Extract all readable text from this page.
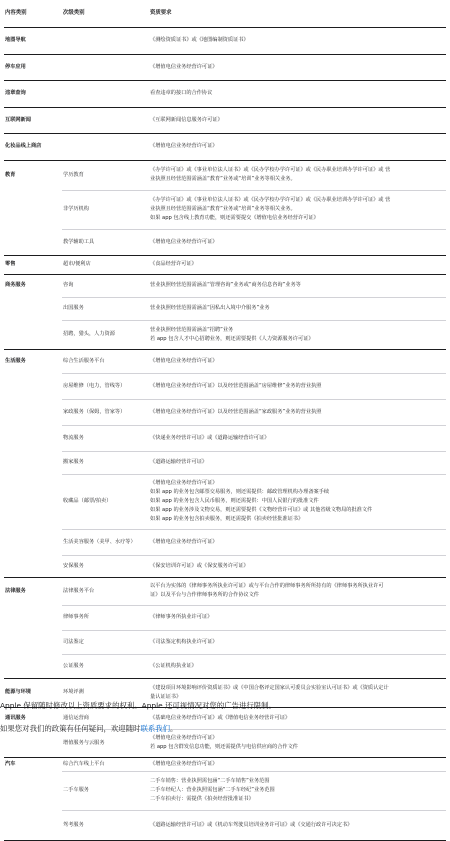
内容类别	次级类别	资质要求
地图导航		《测绘资质证书》或《地图编制资质证书》

停车应用		《增值电信业务经营许可证》

违章查询		看查违章的接口的合作协议

互联网新闻		《互联网新闻信息服务许可证》

化妆品线上商店		《增值电信业务经营许可证》

教育	学历教育	《办学许可证》或《事业单位法人证书》或《民办学校办学许可证》或《民办职业培训办学许可证》或 营
业执照且经营范围需涵盖“教育”业务或“培训”业务等相关业务。

	非学历机构	《办学许可证》或《事业单位法人证书》或《民办学校办学许可证》或《民办职业培训办学许可证》或 营
业执照且经营范围需涵盖“教育”业务或“培训”业务等相关业务。
如果 app 包含线上教育功能，则还需要提交《增值电信业务经营许可证》

	教学辅助工具	《增值电信业务经营许可证》

零售	超市/便利店	《食品经营许可证》

商务服务	咨询	营业执照经营范围需涵盖“管理咨询”业务或“商务信息咨询”业务等

	出国服务	营业执照经营范围需涵盖“因私出入境中介服务”业务

	招聘，猎头，人力资源	营业执照经营范围需涵盖“招聘”业务
若 app 包含人才中心招聘业务，则还需要提供《人力资源服务许可证》

生活服务	综合生活服务平台	《增值电信业务经营许可证》

	房屋维修（电力，管线等）	《增值电信业务经营许可证》以及经营范围涵盖“房屋维修”业务的营业执照

	家政服务（保姆，管家等）	《增值电信业务经营许可证》以及经营范围涵盖“家政服务”业务的营业执照

	物流服务	《快递业务经营许可证》或《道路运输经营许可证》

	搬家服务	《道路运输经营许可证》

	收藏品（邮票/拍卖）	《增值电信业务经营许可证》
如果 app 的业务包含邮票交易服务，则还需提供：邮政管理机构办理备案手续
如果 app 的业务包含人民币服务，则还需提供：中国人民银行的批准文件
如果 app 的业务涉及文物交易，则还需要提供《文物经营许可证》或 其他省级文物局的批准文件
如果 app 的业务包含拍卖服务，则还需提供《拍卖经营批准证书》

	生活美容服务（美甲、水疗等）	《增值电信业务经营许可证》

	安保服务	《保安培训许可证》或《保安服务许可证》

法律服务	法律服务平台	以平台为实体的《律师事务所执业许可证》或与平台合作的律师事务所所持有的《律师事务所执业许可
证》以及平台与合作律师事务所的合作协议文件

	律师事务所	《律师事务所执业许可证》

	司法鉴定	《司法鉴定机构执业许可证》

	公证服务	《公证机构执业证》

能源与环境	环境评测	《建设项目环境影响评价资质证书》或《中国合格评定国家认可委员会实验室认可证书》或《资质认定计
量认证证书》

通讯服务	通信运营商	《基础电信业务经营许可证》或《增值电信业务经营许可证》

	增值服务与云服务	《增值电信业务经营许可证》
若 app 包含群发信息功能，则还需提供与电信供应商的合作文件

汽车	综合汽车线上平台	《增值电信业务经营许可证》

	二手车服务	二手车销售：营业执照需包涵“二手车销售”业务范围
二手车经纪人：营业执照需包涵“二手车经纪”业务范围
二手车拍卖行：需提供《拍卖经营批准证书》

	驾考服务	《道路运输经营许可证》或《机动车驾驶员培训业务许可证》或《交通行政许可决定书》
Apple 保留随时修改以上资质要求的权利。Apple 还可视情况对您的广告进行限制。
如果您对我们的政策有任何疑问，欢迎随时联系我们。
